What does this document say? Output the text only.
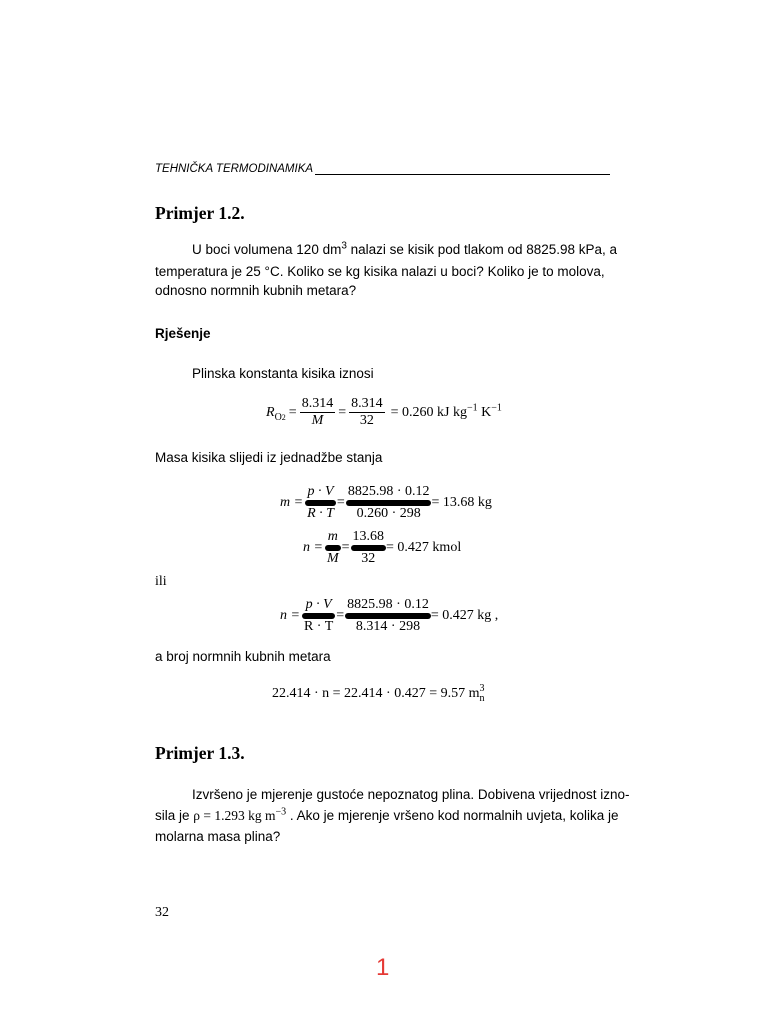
TEHNIČKA TERMODINAMIKA
Primjer 1.2.
U boci volumena 120 $dm^3$ nalazi se kisik pod tlakom od 8825.98 kPa, a
temperatura je 25 °C. Koliko se kg kisika nalazi u boci? Koliko je to molova,
odnosno normnih kubnih metara?
Rješenje
Plinska konstanta kisika iznosi
$R_{O2} = \frac{8.314}{M} = \frac{8.314}{32} = 0.260$ kJ $kg^{-1}$ $K^{-1}$
Masa kisika slijedi iz jednadžbe stanja
m =
p · V
R · T
=
8825.98 · 0.12
0.260 · 298
= 13.68 kg
n =
m
M
=
13.68
32
= 0.427 kmol
ili
n =
p · V
R · T
=
8825.98 · 0.12
8.314 · 298
= 0.427 kg ,
a broj normnih kubnih metara
22.414 · n = 22.414 · 0.427 = 9.57 m 3
n
Primjer 1.3.
Izvršeno je mjerenje gustoće nepoznatog plina. Dobivena vrijednost izno-
sila je ρ = 1.293 kg $m^{-3}$ . Ako je mjerenje vršeno kod normalnih uvjeta, kolika je
molarna masa plina?
32
1
